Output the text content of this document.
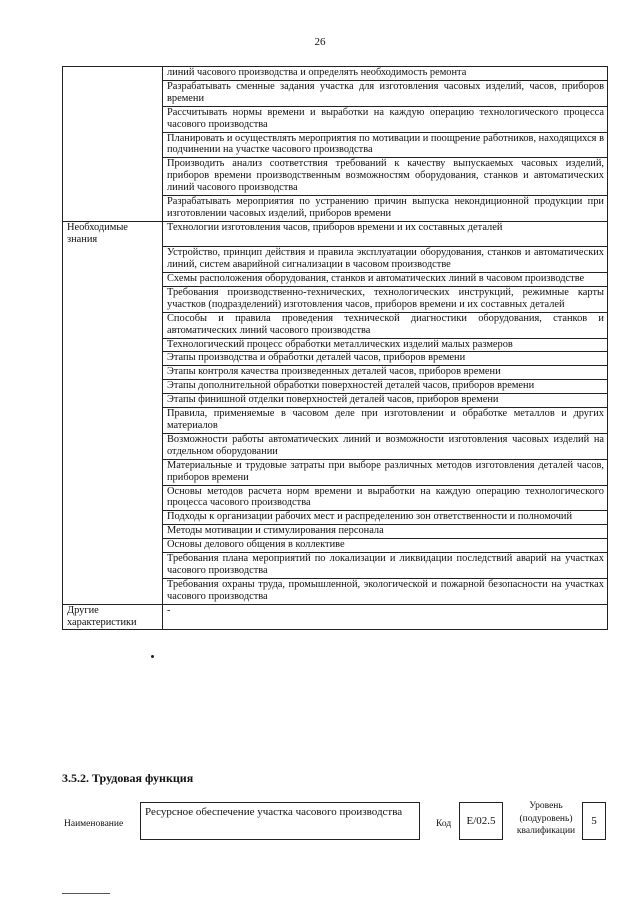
26
	линий часового производства и определять необходимость ремонта
	Разрабатывать сменные задания участка для изготовления часовых изделий, часов, приборов времени
	Рассчитывать нормы времени и выработки на каждую операцию технологического процесса часового производства
	Планировать и осуществлять мероприятия по мотивации и поощрение работников, находящихся в подчинении на участке часового производства
	Производить анализ соответствия требований к качеству выпускаемых часовых изделий, приборов времени производственным возможностям оборудования, станков и автоматических линий часового производства
	Разрабатывать мероприятия по устранению причин выпуска некондиционной продукции при изготовлении часовых изделий, приборов времени

Необходимые знания	Технологии изготовления часов, приборов времени и их составных деталей
	Устройство, принцип действия и правила эксплуатации оборудования, станков и автоматических линий, систем аварийной сигнализации в часовом производстве
	Схемы расположения оборудования, станков и автоматических линий в часовом производстве
	Требования производственно-технических, технологических инструкций, режимные карты участков (подразделений) изготовления часов, приборов времени и их составных деталей
	Способы и правила проведения технической диагностики оборудования, станков и автоматических линий часового производства
	Технологический процесс обработки металлических изделий малых размеров
	Этапы производства и обработки деталей часов, приборов времени
	Этапы контроля качества произведенных деталей часов, приборов времени
	Этапы дополнительной обработки поверхностей деталей часов, приборов времени
	Этапы финишной отделки поверхностей деталей часов, приборов времени
	Правила, применяемые в часовом деле при изготовлении и обработке металлов и других материалов
	Возможности работы автоматических линий и возможности изготовления часовых изделий на отдельном оборудовании
	Материальные и трудовые затраты при выборе различных методов изготовления деталей часов, приборов времени
	Основы методов расчета норм времени и выработки на каждую операцию технологического процесса часового производства
	Подходы к организации рабочих мест и распределению зон ответственности и полномочий
	Методы мотивации и стимулирования персонала
	Основы делового общения в коллективе
	Требования плана мероприятий по локализации и ликвидации последствий аварий на участках часового производства
	Требования охраны труда, промышленной, экологической и пожарной безопасности на участках часового производства

Другие характеристики	-
3.5.2. Трудовая функция
Наименование
Ресурсное обеспечение участка часового производства
Код	E/02.5
Уровень (подуровень) квалификации
5
